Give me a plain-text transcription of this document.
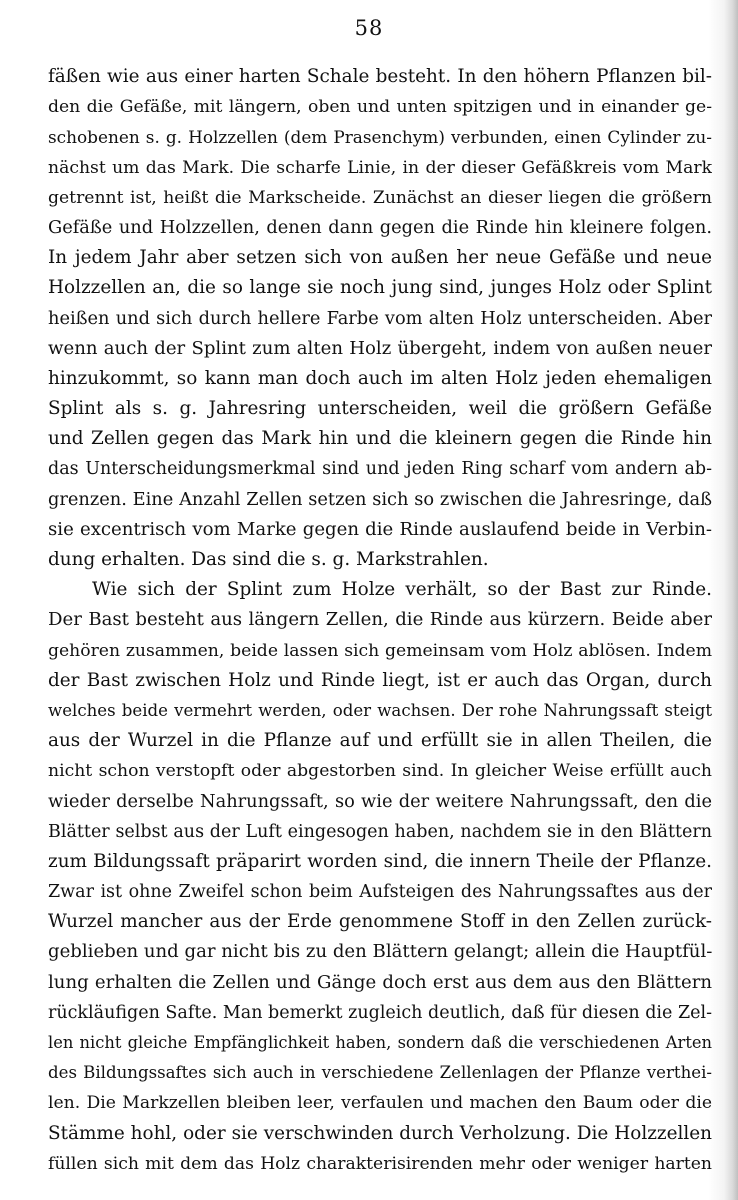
58
fäßen wie aus einer harten Schale besteht. In den höhern Pflanzen bil-
den die Gefäße, mit längern, oben und unten spitzigen und in einander ge-
schobenen s. g. Holzzellen (dem Prasenchym) verbunden, einen Cylinder zu-
nächst um das Mark. Die scharfe Linie, in der dieser Gefäßkreis vom Mark
getrennt ist, heißt die Markscheide. Zunächst an dieser liegen die größern
Gefäße und Holzzellen, denen dann gegen die Rinde hin kleinere folgen.
In jedem Jahr aber setzen sich von außen her neue Gefäße und neue
Holzzellen an, die so lange sie noch jung sind, junges Holz oder Splint
heißen und sich durch hellere Farbe vom alten Holz unterscheiden. Aber
wenn auch der Splint zum alten Holz übergeht, indem von außen neuer
hinzukommt, so kann man doch auch im alten Holz jeden ehemaligen
Splint als s. g. Jahresring unterscheiden, weil die größern Gefäße
und Zellen gegen das Mark hin und die kleinern gegen die Rinde hin
das Unterscheidungsmerkmal sind und jeden Ring scharf vom andern ab-
grenzen. Eine Anzahl Zellen setzen sich so zwischen die Jahresringe, daß
sie excentrisch vom Marke gegen die Rinde auslaufend beide in Verbin-
dung erhalten. Das sind die s. g. Markstrahlen.
Wie sich der Splint zum Holze verhält, so der Bast zur Rinde.
Der Bast besteht aus längern Zellen, die Rinde aus kürzern. Beide aber
gehören zusammen, beide lassen sich gemeinsam vom Holz ablösen. Indem
der Bast zwischen Holz und Rinde liegt, ist er auch das Organ, durch
welches beide vermehrt werden, oder wachsen. Der rohe Nahrungssaft steigt
aus der Wurzel in die Pflanze auf und erfüllt sie in allen Theilen, die
nicht schon verstopft oder abgestorben sind. In gleicher Weise erfüllt auch
wieder derselbe Nahrungssaft, so wie der weitere Nahrungssaft, den die
Blätter selbst aus der Luft eingesogen haben, nachdem sie in den Blättern
zum Bildungssaft präparirt worden sind, die innern Theile der Pflanze.
Zwar ist ohne Zweifel schon beim Aufsteigen des Nahrungssaftes aus der
Wurzel mancher aus der Erde genommene Stoff in den Zellen zurück-
geblieben und gar nicht bis zu den Blättern gelangt; allein die Hauptfül-
lung erhalten die Zellen und Gänge doch erst aus dem aus den Blättern
rückläufigen Safte. Man bemerkt zugleich deutlich, daß für diesen die Zel-
len nicht gleiche Empfänglichkeit haben, sondern daß die verschiedenen Arten
des Bildungssaftes sich auch in verschiedene Zellenlagen der Pflanze verthei-
len. Die Markzellen bleiben leer, verfaulen und machen den Baum oder die
Stämme hohl, oder sie verschwinden durch Verholzung. Die Holzzellen
füllen sich mit dem das Holz charakterisirenden mehr oder weniger harten
